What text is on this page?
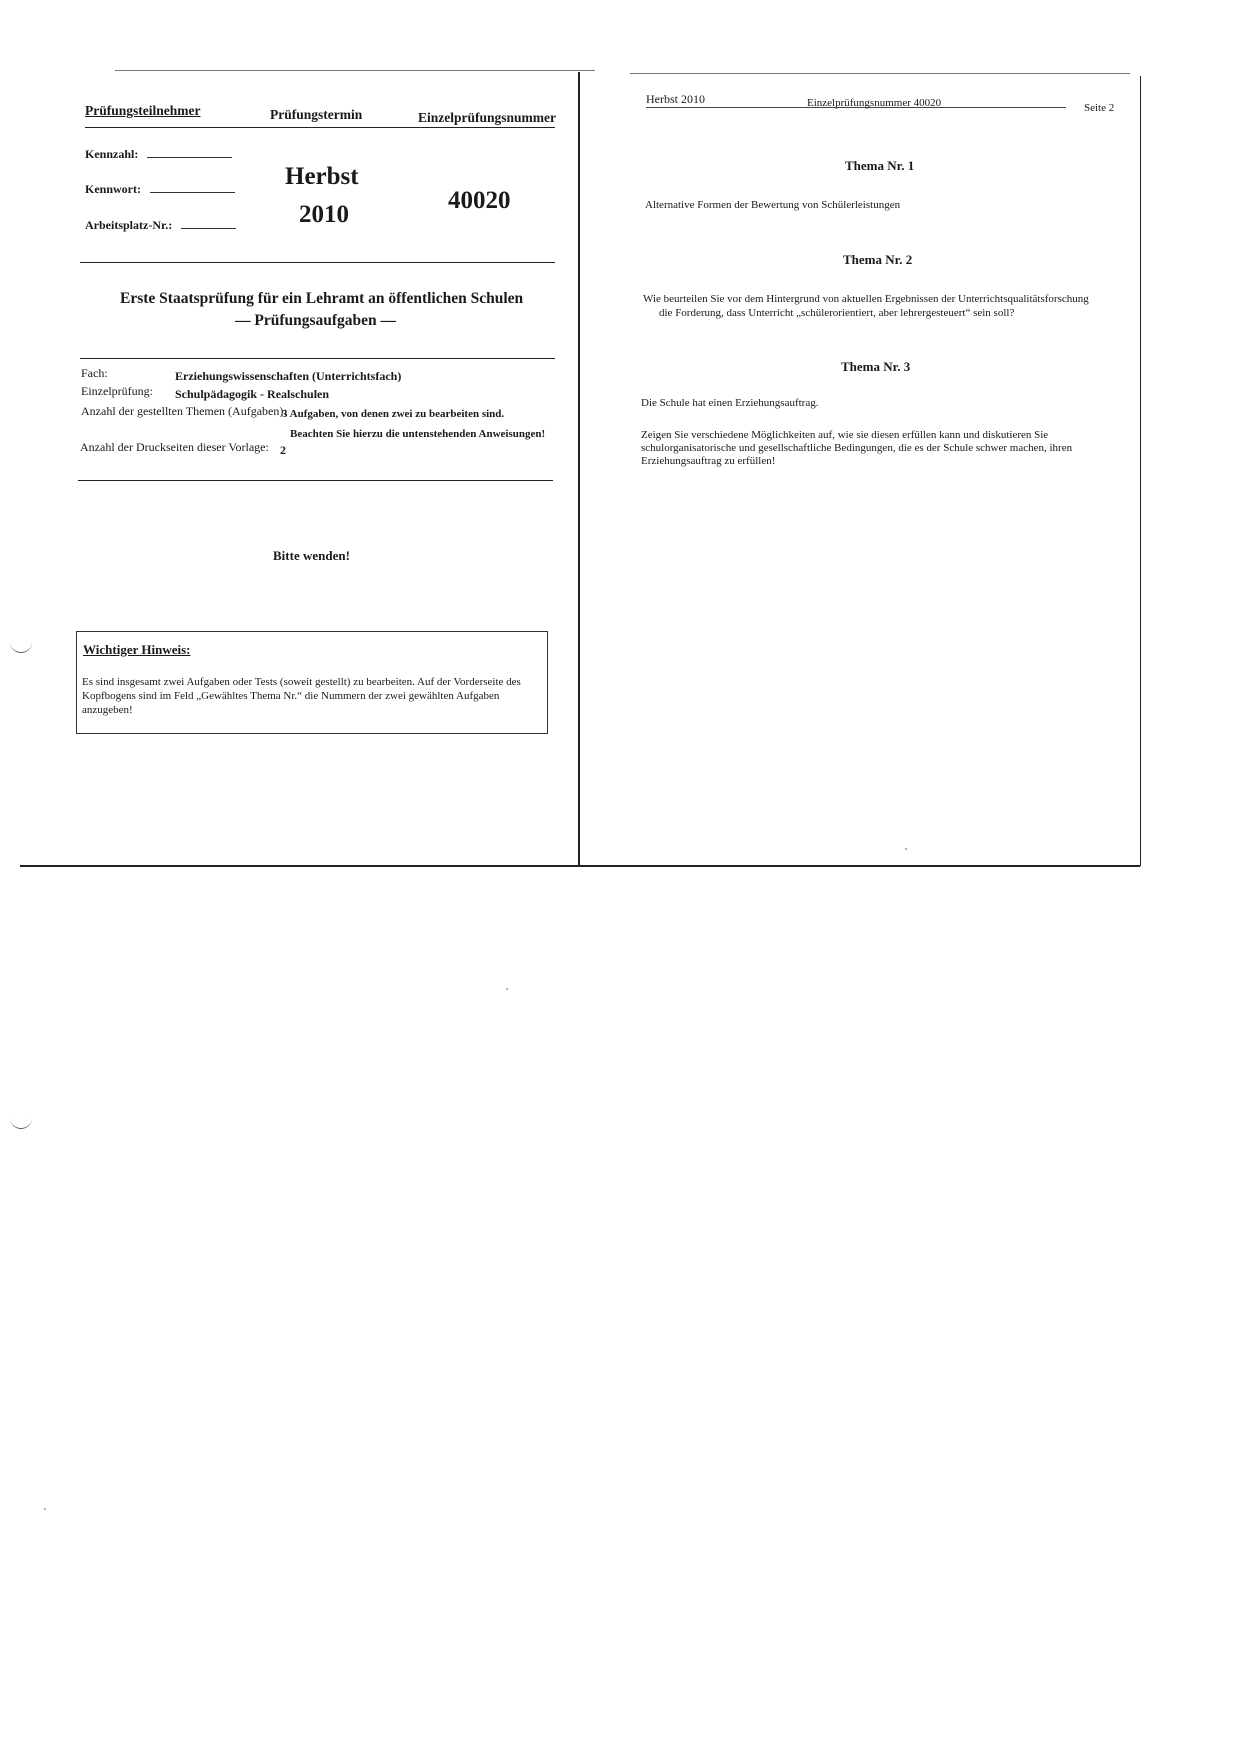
Prüfungsteilnehmer	Prüfungstermin	Einzelprüfungsnummer
Kennzahl:
Kennwort:
Arbeitsplatz-Nr.:
Herbst
2010
40020
Erste Staatsprüfung für ein Lehramt an öffentlichen Schulen
— Prüfungsaufgaben —
Fach:	Erziehungswissenschaften (Unterrichtsfach)
Einzelprüfung: Schulpädagogik - Realschulen
Anzahl der gestellten Themen (Aufgaben):
3 Aufgaben, von denen zwei zu bearbeiten sind.
Beachten Sie hierzu die untenstehenden Anweisungen!
Anzahl der Druckseiten dieser Vorlage: 2
Bitte wenden!
Wichtiger Hinweis:
Es sind insgesamt zwei Aufgaben oder Tests (soweit gestellt) zu bearbeiten. Auf der Vorderseite des
Kopfbogens sind im Feld „Gewähltes Thema Nr.“ die Nummern der zwei gewählten Aufgaben
anzugeben!
Herbst 2010	Einzelprüfungsnummer 40020	Seite 2
Thema Nr. 1
Alternative Formen der Bewertung von Schülerleistungen
Thema Nr. 2
Wie beurteilen Sie vor dem Hintergrund von aktuellen Ergebnissen der Unterrichtsqualitätsforschung
die Forderung, dass Unterricht „schülerorientiert, aber lehrergesteuert“ sein soll?
Thema Nr. 3
Die Schule hat einen Erziehungsauftrag.
Zeigen Sie verschiedene Möglichkeiten auf, wie sie diesen erfüllen kann und diskutieren Sie
schulorganisatorische und gesellschaftliche Bedingungen, die es der Schule schwer machen, ihren
Erziehungsauftrag zu erfüllen!
